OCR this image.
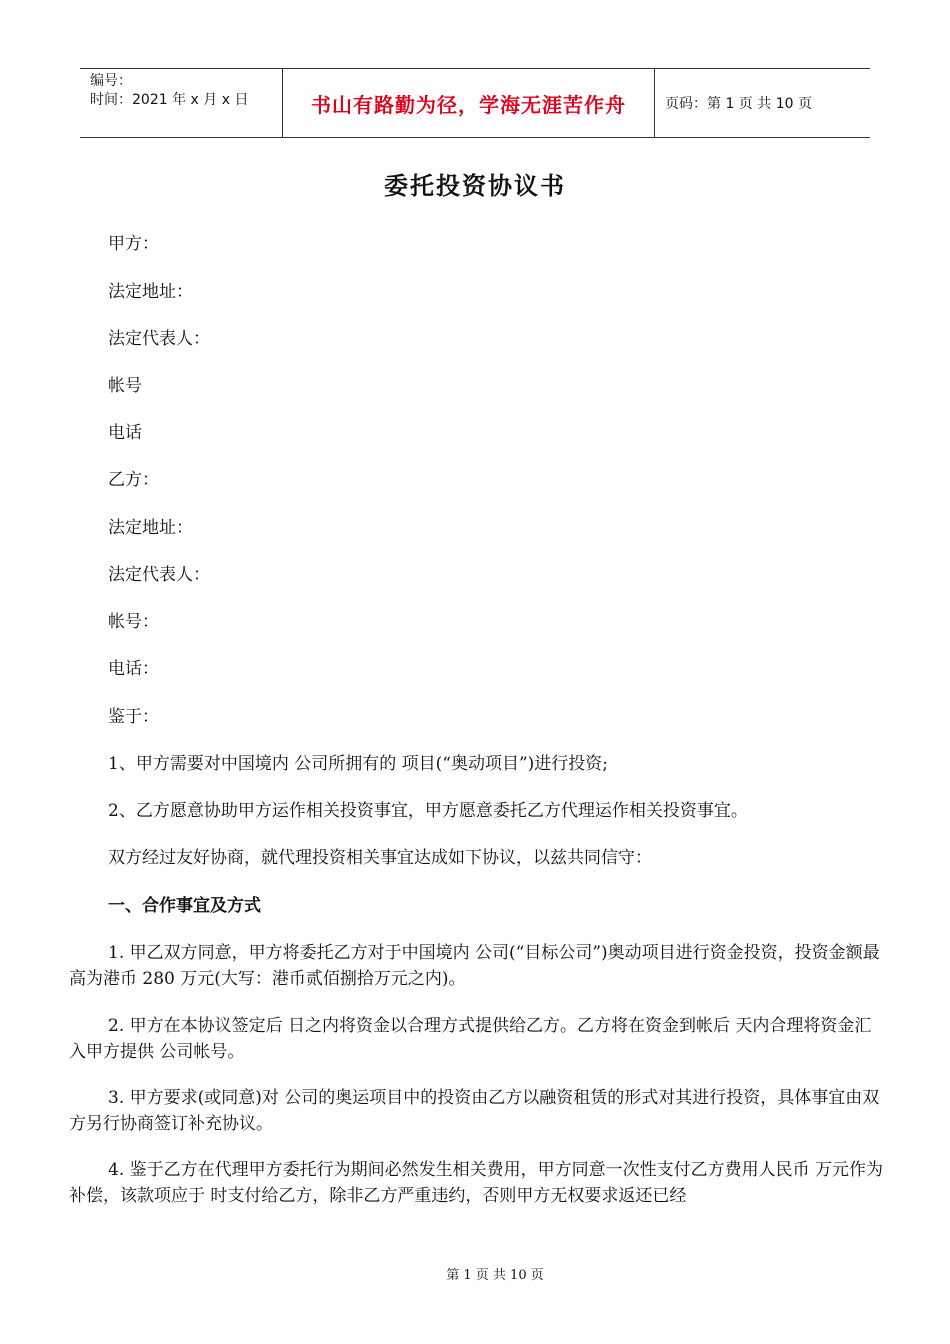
编号：
时间：2021 年 x 月 x 日	书山有路勤为径，学海无涯苦作舟	页码：第 1 页 共 10 页
委托投资协议书
甲方：
法定地址：
法定代表人：
帐号
电话
乙方：
法定地址：
法定代表人：
帐号：
电话：
鉴于：
1、甲方需要对中国境内 公司所拥有的 项目(“奥动项目”)进行投资;
2、乙方愿意协助甲方运作相关投资事宜，甲方愿意委托乙方代理运作相关投资事宜。
双方经过友好协商，就代理投资相关事宜达成如下协议，以兹共同信守：
一、合作事宜及方式
1. 甲乙双方同意，甲方将委托乙方对于中国境内 公司(“目标公司”)奥动项目进行资金投资，投资金额最高为港币 280 万元(大写：港币贰佰捌拾万元之内)。
2. 甲方在本协议签定后 日之内将资金以合理方式提供给乙方。乙方将在资金到帐后 天内合理将资金汇入甲方提供 公司帐号。
3. 甲方要求(或同意)对 公司的奥运项目中的投资由乙方以融资租赁的形式对其进行投资，具体事宜由双方另行协商签订补充协议。
4. 鉴于乙方在代理甲方委托行为期间必然发生相关费用，甲方同意一次性支付乙方费用人民币 万元作为补偿，该款项应于 时支付给乙方，除非乙方严重违约，否则甲方无权要求返还已经
第 1 页 共 10 页
